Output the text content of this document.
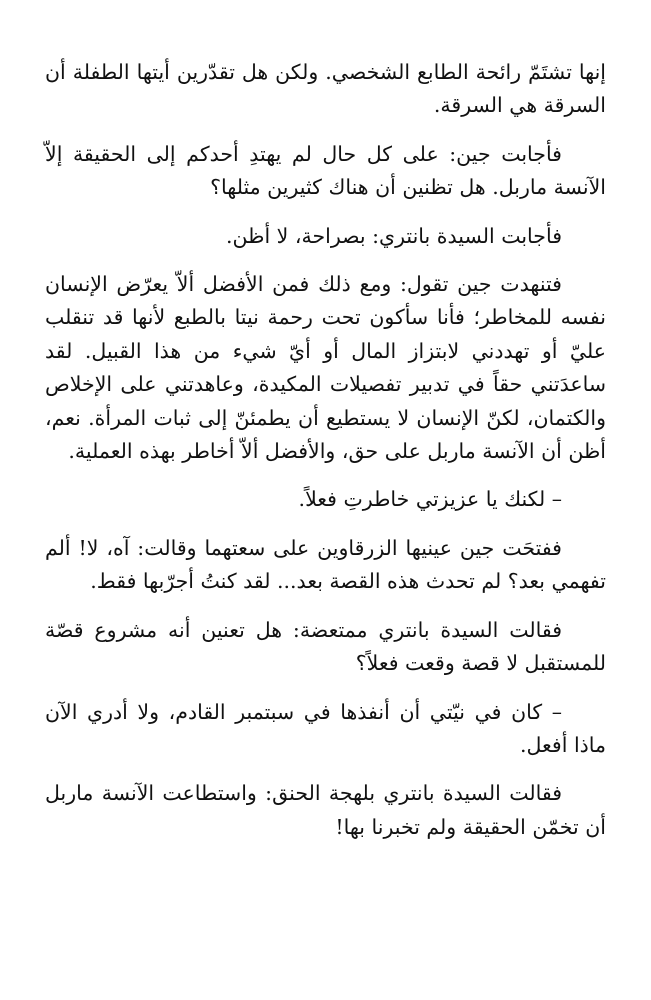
إنها تشتَمّ رائحة الطابع الشخصي. ولكن هل تقدّرين أيتها الطفلة أن السرقة هي السرقة.

فأجابت جين: على كل حال لم يهتدِ أحدكم إلى الحقيقة إلاّ الآنسة ماربل. هل تظنين أن هناك كثيرين مثلها؟

فأجابت السيدة بانتري: بصراحة، لا أظن.

فتنهدت جين تقول: ومع ذلك فمن الأفضل ألاّ يعرّض الإنسان نفسه للمخاطر؛ فأنا سأكون تحت رحمة نيتا بالطبع لأنها قد تنقلب عليّ أو تهددني لابتزاز المال أو أيّ شيء من هذا القبيل. لقد ساعدَتني حقاً في تدبير تفصيلات المكيدة، وعاهدتني على الإخلاص والكتمان، لكنّ الإنسان لا يستطيع أن يطمئنّ إلى ثبات المرأة. نعم، أظن أن الآنسة ماربل على حق، والأفضل ألاّ أخاطر بهذه العملية.

– لكنك يا عزيزتي خاطرتِ فعلاً.

ففتحَت جين عينيها الزرقاوين على سعتهما وقالت: آه، لا! ألم تفهمي بعد؟ لم تحدث هذه القصة بعد... لقد كنتُ أجرّبها فقط.

فقالت السيدة بانتري ممتعضة: هل تعنين أنه مشروع قصّة للمستقبل لا قصة وقعت فعلاً؟

– كان في نيّتي أن أنفذها في سبتمبر القادم، ولا أدري الآن ماذا أفعل.

فقالت السيدة بانتري بلهجة الحنق: واستطاعت الآنسة ماربل أن تخمّن الحقيقة ولم تخبرنا بها!
